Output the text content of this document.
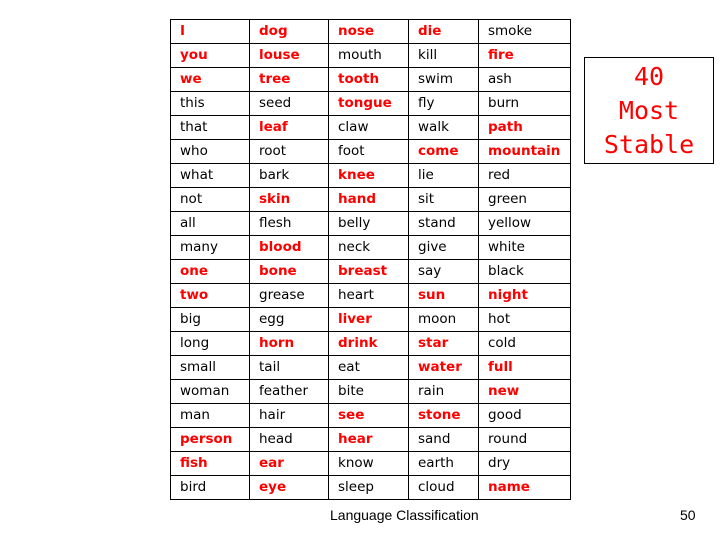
I	dog	nose	die	smoke
you	louse	mouth	kill	fire
we	tree	tooth	swim	ash
this	seed	tongue	fly	burn
that	leaf	claw	walk	path
who	root	foot	come	mountain
what	bark	knee	lie	red
not	skin	hand	sit	green
all	flesh	belly	stand	yellow
many	blood	neck	give	white
one	bone	breast	say	black
two	grease	heart	sun	night
big	egg	liver	moon	hot
long	horn	drink	star	cold
small	tail	eat	water	full
woman	feather	bite	rain	new
man	hair	see	stone	good
person	head	hear	sand	round
fish	ear	know	earth	dry
bird	eye	sleep	cloud	name
40
Most
Stable
Language Classification	50
